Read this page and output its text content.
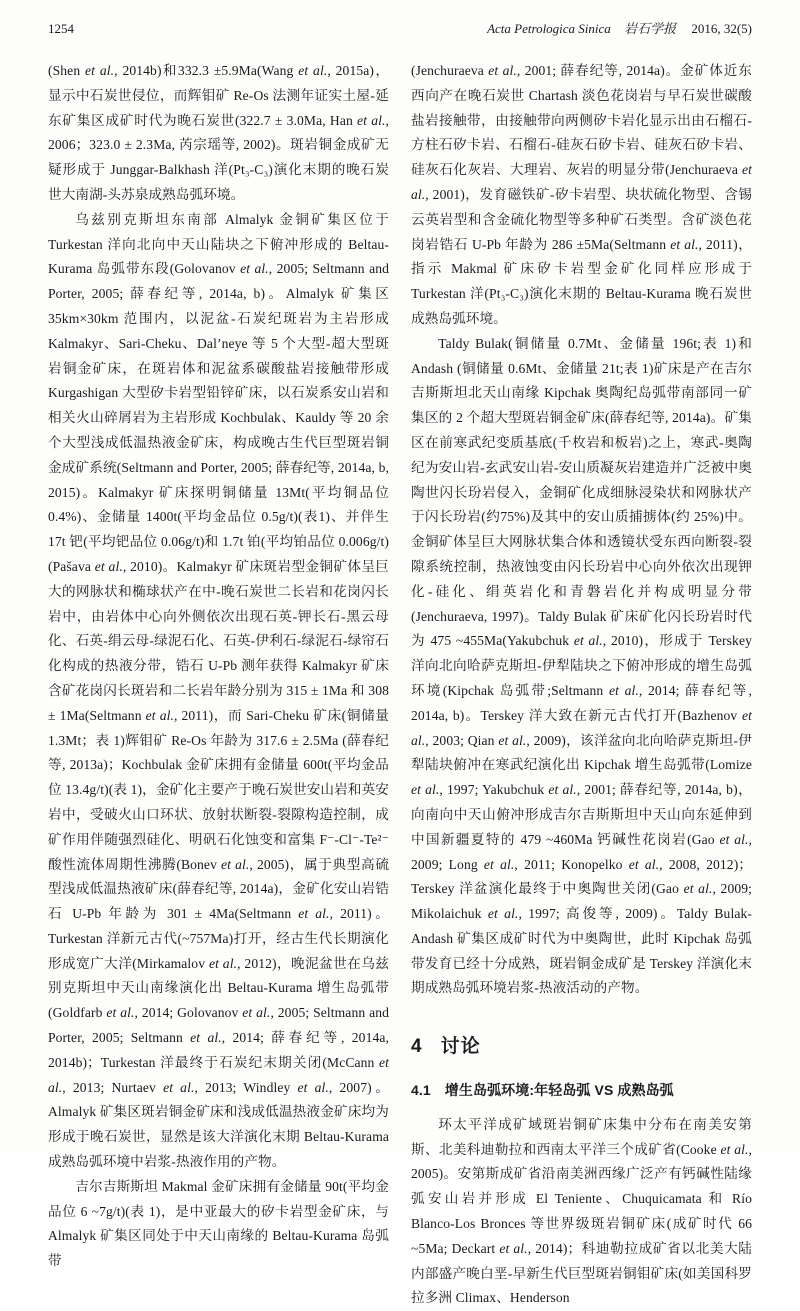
1254	Acta Petrologica Sinica 岩石学报 2016, 32(5)

(Shen et al., 2014b)和332.3 ±5.9Ma(Wang et al., 2015a)，显示中石炭世侵位，而辉钼矿 Re-Os 法测年证实土屋-延东矿集区成矿时代为晚石炭世(322.7 ± 3.0Ma, Han et al., 2006；323.0 ± 2.3Ma, 芮宗瑶等, 2002)。斑岩铜金成矿无疑形成于 Junggar-Balkhash 洋(Pt₃-C₃)演化末期的晚石炭世大南湖-头苏泉成熟岛弧环境。

乌兹别克斯坦东南部 Almalyk 金铜矿集区位于 Turkestan 洋向北向中天山陆块之下俯冲形成的 Beltau-Kurama 岛弧带东段(Golovanov et al., 2005; Seltmann and Porter, 2005; 薛春纪等, 2014a, b)。Almalyk 矿集区35km×30km 范围内，以泥盆-石炭纪斑岩为主岩形成 Kalmakyr、Sari-Cheku、Dal’neye 等 5 个大型-超大型斑岩铜金矿床，在斑岩体和泥盆系碳酸盐岩接触带形成 Kurgashigan 大型矽卡岩型铅锌矿床，以石炭系安山岩和相关火山碎屑岩为主岩形成 Kochbulak、Kauldy 等 20 余个大型浅成低温热液金矿床，构成晚古生代巨型斑岩铜金成矿系统(Seltmann and Porter, 2005; 薛春纪等, 2014a, b, 2015)。Kalmakyr 矿床探明铜储量 13Mt(平均铜品位 0.4%)、金储量 1400t(平均金品位 0.5g/t)(表1)、并伴生 17t 钯(平均钯品位 0.06g/t)和 1.7t 铂(平均铂品位 0.006g/t)(Pašava et al., 2010)。Kalmakyr 矿床斑岩型金铜矿体呈巨大的网脉状和椭球状产在中-晚石炭世二长岩和花岗闪长岩中，由岩体中心向外侧依次出现石英-钾长石-黑云母化、石英-绢云母-绿泥石化、石英-伊利石-绿泥石-绿帘石化构成的热液分带，锆石 U-Pb 测年获得 Kalmakyr 矿床含矿花岗闪长斑岩和二长岩年龄分别为 315 ± 1Ma 和 308 ± 1Ma(Seltmann et al., 2011)，而 Sari-Cheku 矿床(铜储量 1.3Mt；表 1)辉钼矿 Re-Os 年龄为 317.6 ± 2.5Ma (薛春纪等, 2013a)；Kochbulak 金矿床拥有金储量 600t(平均金品位 13.4g/t)(表 1)，金矿化主要产于晚石炭世安山岩和英安岩中，受破火山口环状、放射状断裂-裂隙构造控制，成矿作用伴随强烈硅化、明矾石化蚀变和富集 F⁻-Cl⁻-Te²⁻ 酸性流体周期性沸腾(Bonev et al., 2005)，属于典型高硫型浅成低温热液矿床(薛春纪等, 2014a)，金矿化安山岩锆石 U-Pb 年龄为 301 ± 4Ma(Seltmann et al., 2011)。Turkestan 洋新元古代(~757Ma)打开，经古生代长期演化形成宽广大洋(Mirkamalov et al., 2012)，晚泥盆世在乌兹别克斯坦中天山南缘演化出 Beltau-Kurama 增生岛弧带(Goldfarb et al., 2014; Golovanov et al., 2005; Seltmann and Porter, 2005; Seltmann et al., 2014; 薛春纪等, 2014a, 2014b)；Turkestan 洋最终于石炭纪末期关闭(McCann et al., 2013; Nurtaev et al., 2013; Windley et al., 2007)。Almalyk 矿集区斑岩铜金矿床和浅成低温热液金矿床均为形成于晚石炭世，显然是该大洋演化末期 Beltau-Kurama 成熟岛弧环境中岩浆-热液作用的产物。

吉尔吉斯斯坦 Makmal 金矿床拥有金储量 90t(平均金品位 6 ~7g/t)(表 1)，是中亚最大的矽卡岩型金矿床，与 Almalyk 矿集区同处于中天山南缘的 Beltau-Kurama 岛弧带

(Jenchuraeva et al., 2001; 薛春纪等, 2014a)。金矿体近东西向产在晚石炭世 Chartash 淡色花岗岩与早石炭世碳酸盐岩接触带，由接触带向两侧矽卡岩化显示出由石榴石-方柱石矽卡岩、石榴石-硅灰石矽卡岩、硅灰石矽卡岩、硅灰石化灰岩、大理岩、灰岩的明显分带(Jenchuraeva et al., 2001)，发育磁铁矿-矽卡岩型、块状硫化物型、含锡云英岩型和含金硫化物型等多种矿石类型。含矿淡色花岗岩锆石 U-Pb 年龄为 286 ±5Ma(Seltmann et al., 2011)，指示 Makmal 矿床矽卡岩型金矿化同样应形成于 Turkestan 洋(Pt₃-C₃)演化末期的 Beltau-Kurama 晚石炭世成熟岛弧环境。

Taldy Bulak(铜储量 0.7Mt、金储量 196t;表 1)和 Andash (铜储量 0.6Mt、金储量 21t;表 1)矿床是产在吉尔吉斯斯坦北天山南缘 Kipchak 奥陶纪岛弧带南部同一矿集区的 2 个超大型斑岩铜金矿床(薛春纪等, 2014a)。矿集区在前寒武纪变质基底(千枚岩和板岩)之上，寒武-奥陶纪为安山岩-玄武安山岩-安山质凝灰岩建造并广泛被中奥陶世闪长玢岩侵入，金铜矿化成细脉浸染状和网脉状产于闪长玢岩(约75%)及其中的安山质捕掳体(约 25%)中。金铜矿体呈巨大网脉状集合体和透镜状受东西向断裂-裂隙系统控制，热液蚀变由闪长玢岩中心向外依次出现钾化-硅化、绢英岩化和青磐岩化并构成明显分带(Jenchuraeva, 1997)。Taldy Bulak 矿床矿化闪长玢岩时代为 475 ~455Ma(Yakubchuk et al., 2010)，形成于 Terskey 洋向北向哈萨克斯坦-伊犁陆块之下俯冲形成的增生岛弧环境(Kipchak 岛弧带;Seltmann et al., 2014; 薛春纪等, 2014a, b)。Terskey 洋大致在新元古代打开(Bazhenov et al., 2003; Qian et al., 2009)，该洋盆向北向哈萨克斯坦-伊犁陆块俯冲在寒武纪演化出 Kipchak 增生岛弧带(Lomize et al., 1997; Yakubchuk et al., 2001; 薛春纪等, 2014a, b)，向南向中天山俯冲形成吉尔吉斯斯坦中天山向东延伸到中国新疆夏特的 479 ~460Ma 钙碱性花岗岩(Gao et al., 2009; Long et al., 2011; Konopelko et al., 2008, 2012)；Terskey 洋盆演化最终于中奥陶世关闭(Gao et al., 2009; Mikolaichuk et al., 1997; 高俊等, 2009)。Taldy Bulak-Andash 矿集区成矿时代为中奥陶世，此时 Kipchak 岛弧带发育已经十分成熟，斑岩铜金成矿是 Terskey 洋演化末期成熟岛弧环境岩浆-热液活动的产物。

4 讨论
4.1 增生岛弧环境:年轻岛弧 VS 成熟岛弧

环太平洋成矿域斑岩铜矿床集中分布在南美安第斯、北美科迪勒拉和西南太平洋三个成矿省(Cooke et al., 2005)。安第斯成矿省沿南美洲西缘广泛产有钙碱性陆缘弧安山岩并形成 El Teniente、Chuquicamata 和 Río Blanco-Los Bronces 等世界级斑岩铜矿床(成矿时代 66 ~5Ma; Deckart et al., 2014)；科迪勒拉成矿省以北美大陆内部盛产晚白垩-早新生代巨型斑岩铜钼矿床(如美国科罗拉多洲 Climax、Henderson
